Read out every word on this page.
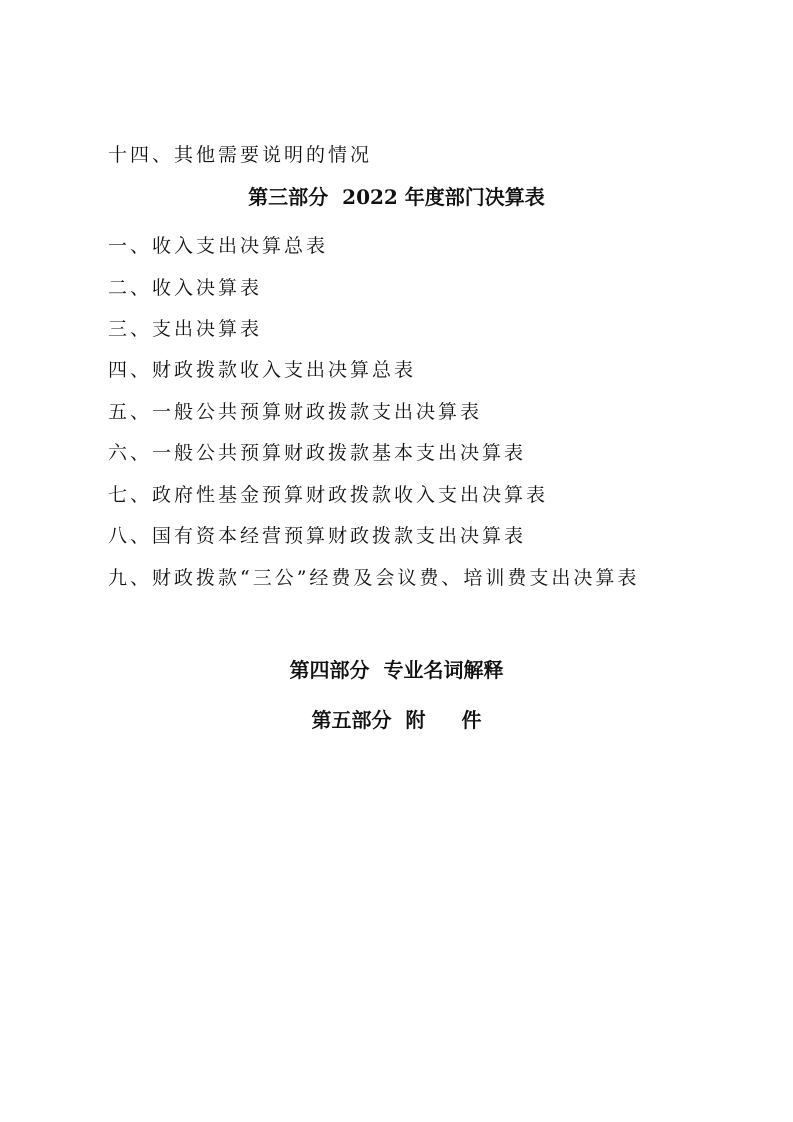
十四、其他需要说明的情况
第三部分 2022 年度部门决算表
一、收入支出决算总表
二、收入决算表
三、支出决算表
四、财政拨款收入支出决算总表
五、一般公共预算财政拨款支出决算表
六、一般公共预算财政拨款基本支出决算表
七、政府性基金预算财政拨款收入支出决算表
八、国有资本经营预算财政拨款支出决算表
九、财政拨款“三公”经费及会议费、培训费支出决算表
第四部分 专业名词解释
第五部分 附 件
